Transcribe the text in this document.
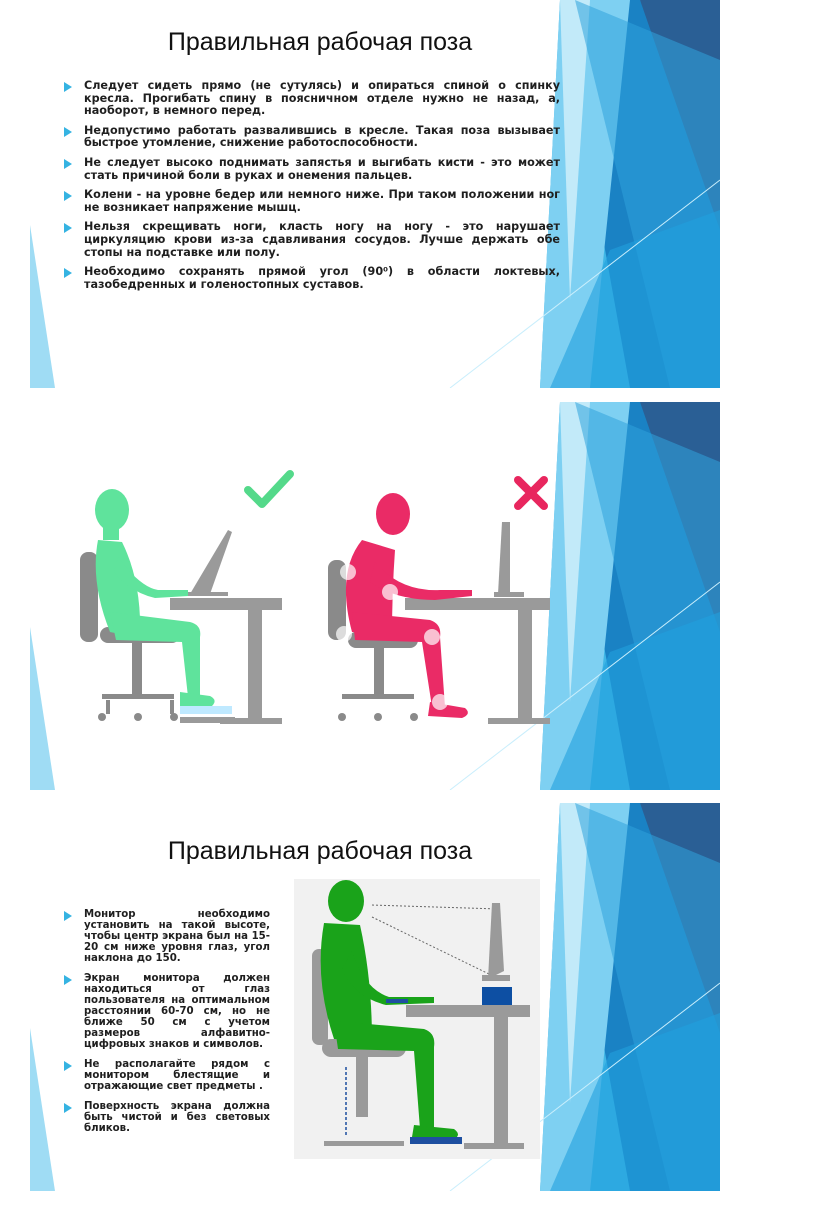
Правильная рабочая поза
Следует сидеть прямо (не сутулясь) и опираться спиной о спинку кресла. Прогибать спину в поясничном отделе нужно не назад, а, наоборот, в немного перед.
Недопустимо работать развалившись в кресле. Такая поза вызывает быстрое утомление, снижение работоспособности.
Не следует высоко поднимать запястья и выгибать кисти - это может стать причиной боли в руках и онемения пальцев.
Колени - на уровне бедер или немного ниже. При таком положении ног не возникает напряжение мышц.
Нельзя скрещивать ноги, класть ногу на ногу - это нарушает циркуляцию крови из-за сдавливания сосудов. Лучше держать обе стопы на подставке или полу.
Необходимо сохранять прямой угол (90⁰) в области локтевых, тазобедренных и голеностопных суставов.
Правильная рабочая поза
Монитор необходимо установить на такой высоте, чтобы центр экрана был на 15-20 см ниже уровня глаз, угол наклона до 150.
Экран монитора должен находиться от глаз пользователя на оптимальном расстоянии 60-70 см, но не ближе 50 см с учетом размеров алфавитно-цифровых знаков и символов.
Не располагайте рядом с монитором блестящие и отражающие свет предметы .
Поверхность экрана должна быть чистой и без световых бликов.
